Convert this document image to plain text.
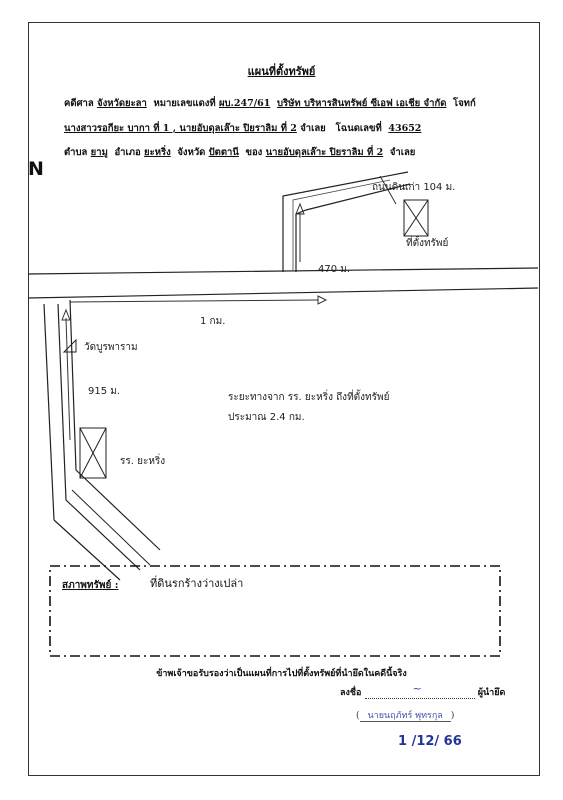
แผนที่ตั้งทรัพย์
คดีศาล จังหวัดยะลา หมายเลขแดงที่ ผบ.247/61 บริษัท บริหารสินทรัพย์ ซีเอฟ เอเชีย จำกัด โจทก์
นางสาวรอกียะ บากา ที่ 1 , นายอับดุลเล๊าะ ปิยราลิม ที่ 2 จำเลย โฉนดเลขที่ 43652
ตำบล ยามู อำเภอ ยะหริ่ง จังหวัด ปัตตานี ของ นายอับดุลเล๊าะ ปิยราลิม ที่ 2 จำเลย
N
ถนนดินเก่า 104 ม.
ที่ตั้งทรัพย์
470 ม.
1 กม.
วัดบูรพาราม
915 ม.
รร. ยะหริ่ง
ระยะทางจาก รร. ยะหริ่ง ถึงที่ตั้งทรัพย์
ประมาณ 2.4 กม.
สภาพทรัพย์ :	ที่ดินรกร้างว่างเปล่า
ข้าพเจ้าขอรับรองว่าเป็นแผนที่การไปที่ตั้งทรัพย์ที่นำยึดในคดีนี้จริง
ลงชื่อ	~	ผู้นำยึด
( นายนฤภัทร์ พุทรกุล )
1 /12/ 66
